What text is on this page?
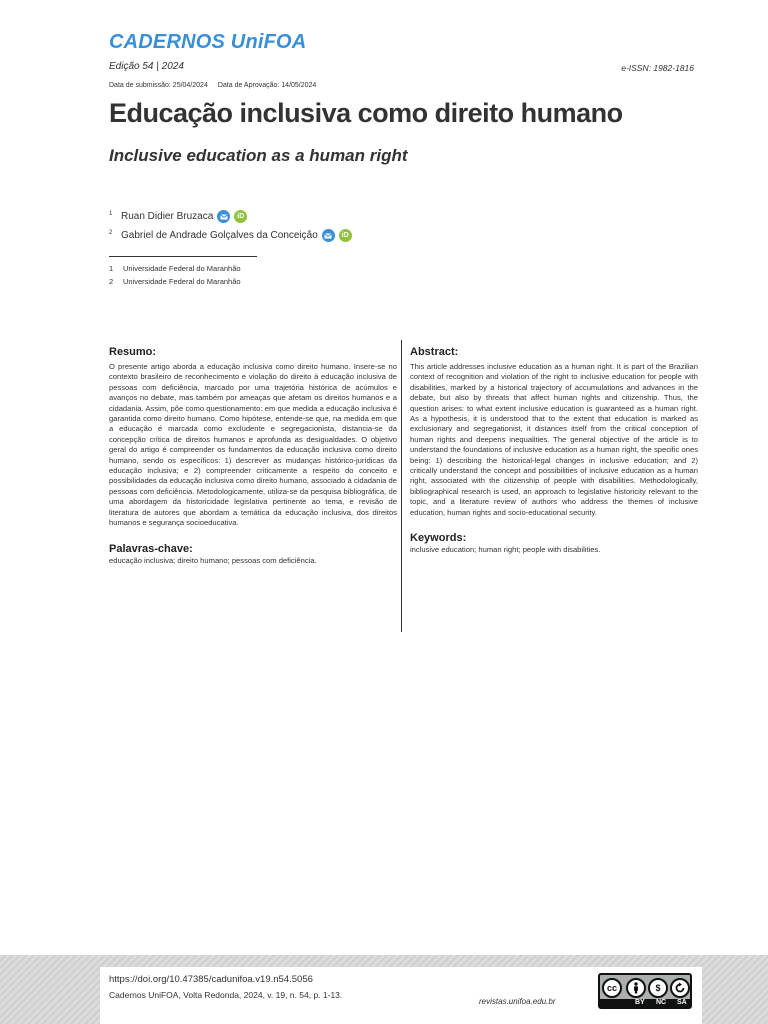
CADERNOS UniFOA
Edição 54 | 2024	e-ISSN: 1982-1816
Data de submissão: 25/04/2024 Data de Aprovação: 14/05/2024
Educação inclusiva como direito humano
Inclusive education as a human right
1 Ruan Didier Bruzaca	iD
2 Gabriel de Andrade Golçalves da Conceição	iD
1	Universidade Federal do Maranhão
2	Universidade Federal do Maranhão
Resumo:

O presente artigo aborda a educação inclusiva como direito humano. Insere-se no contexto brasileiro de reconhecimento e violação do direito à educação inclusiva de pessoas com deficiência, marcado por uma trajetória histórica de acúmulos e avanços no debate, mas também por ameaças que afetam os direitos humanos e a cidadania. Assim, põe como questionamento: em que medida a educação inclusiva é garantida como direito humano. Como hipótese, entende-se que, na medida em que a educação é marcada como excludente e segregacionista, distancia-se da concepção crítica de direitos humanos e aprofunda as desigualdades. O objetivo geral do artigo é compreender os fundamentos da educação inclusiva como direito humano, sendo os específicos: 1) descrever as mudanças histórico-jurídicas da educação inclusiva; e 2) compreender criticamente a respeito do conceito e possibilidades da educação inclusiva como direito humano, associado à cidadania de pessoas com deficiência. Metodologicamente, utiliza-se da pesquisa bibliográfica, de uma abordagem da historicidade legislativa pertinente ao tema, e revisão de literatura de autores que abordam a temática da educação inclusiva, dos direitos humanos e segurança socioeducativa.

Palavras-chave:
educação inclusiva; direito humano; pessoas com deficiência.
Abstract:

This article addresses inclusive education as a human right. It is part of the Brazilian context of recognition and violation of the right to inclusive education for people with disabilities, marked by a historical trajectory of accumulations and advances in the debate, but also by threats that affect human rights and citizenship. Thus, the question arises: to what extent inclusive education is guaranteed as a human right. As a hypothesis, it is understood that to the extent that education is marked as exclusionary and segregationist, it distances itself from the critical conception of human rights and deepens inequalities. The general objective of the article is to understand the foundations of inclusive education as a human right, the specific ones being: 1) describing the historical-legal changes in inclusive education; and 2) critically understand the concept and possibilities of inclusive education as a human right, associated with the citizenship of people with disabilities. Methodologically, bibliographical research is used, an approach to legislative historicity relevant to the topic, and a literature review of authors who address the themes of inclusive education, human rights and socio-educational security.

Keywords:
inclusive education; human right; people with disabilities.
https://doi.org/10.47385/cadunifoa.v19.n54.5056
Cadernos UniFOA, Volta Redonda, 2024, v. 19, n. 54, p. 1-13.
revistas.unifoa.edu.br
cc	$
BY NC SA
